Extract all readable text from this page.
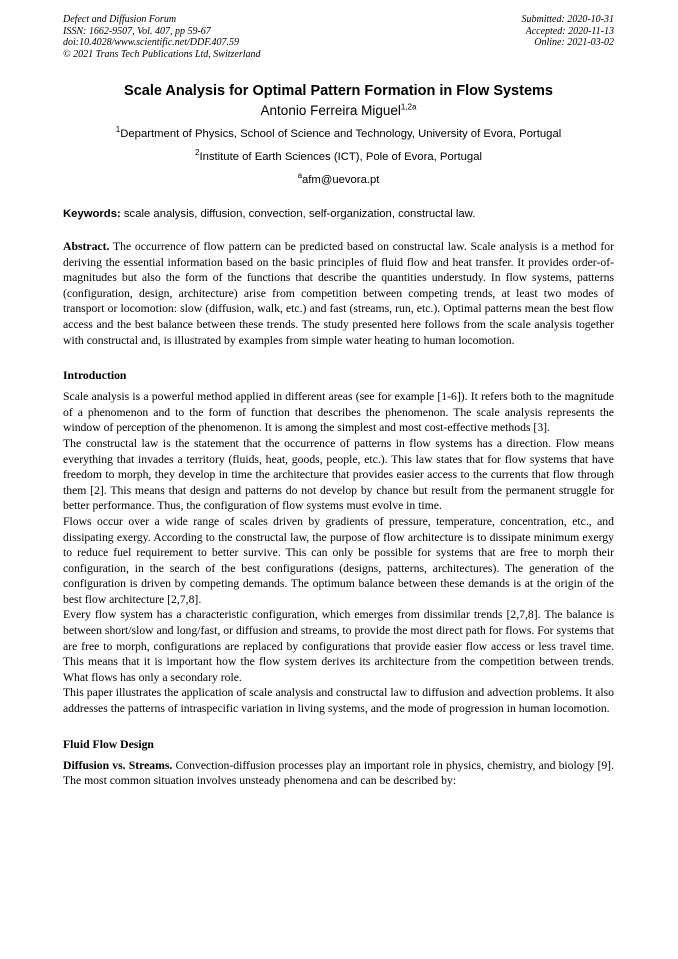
Defect and Diffusion Forum
ISSN: 1662-9507, Vol. 407, pp 59-67
doi:10.4028/www.scientific.net/DDF.407.59
© 2021 Trans Tech Publications Ltd, Switzerland
Submitted: 2020-10-31
Accepted: 2020-11-13
Online: 2021-03-02
Scale Analysis for Optimal Pattern Formation in Flow Systems
Antonio Ferreira Miguel$^{1,2a}$
$^1$Department of Physics, School of Science and Technology, University of Evora, Portugal
$^2$Institute of Earth Sciences (ICT), Pole of Evora, Portugal
$^a$afm@uevora.pt
Keywords: scale analysis, diffusion, convection, self-organization, constructal law.

Abstract. The occurrence of flow pattern can be predicted based on constructal law. Scale analysis is a method for deriving the essential information based on the basic principles of fluid flow and heat transfer. It provides order-of-magnitudes but also the form of the functions that describe the quantities understudy. In flow systems, patterns (configuration, design, architecture) arise from competition between competing trends, at least two modes of transport or locomotion: slow (diffusion, walk, etc.) and fast (streams, run, etc.). Optimal patterns mean the best flow access and the best balance between these trends. The study presented here follows from the scale analysis together with constructal and, is illustrated by examples from simple water heating to human locomotion.

Introduction

Scale analysis is a powerful method applied in different areas (see for example [1-6]). It refers both to the magnitude of a phenomenon and to the form of function that describes the phenomenon. The scale analysis represents the window of perception of the phenomenon. It is among the simplest and most cost-effective methods [3].

The constructal law is the statement that the occurrence of patterns in flow systems has a direction. Flow means everything that invades a territory (fluids, heat, goods, people, etc.). This law states that for flow systems that have freedom to morph, they develop in time the architecture that provides easier access to the currents that flow through them [2]. This means that design and patterns do not develop by chance but result from the permanent struggle for better performance. Thus, the configuration of flow systems must evolve in time.

Flows occur over a wide range of scales driven by gradients of pressure, temperature, concentration, etc., and dissipating exergy. According to the constructal law, the purpose of flow architecture is to dissipate minimum exergy to reduce fuel requirement to better survive. This can only be possible for systems that are free to morph their configuration, in the search of the best configurations (designs, patterns, architectures). The generation of the configuration is driven by competing demands. The optimum balance between these demands is at the origin of the best flow architecture [2,7,8].

Every flow system has a characteristic configuration, which emerges from dissimilar trends [2,7,8]. The balance is between short/slow and long/fast, or diffusion and streams, to provide the most direct path for flows. For systems that are free to morph, configurations are replaced by configurations that provide easier flow access or less travel time. This means that it is important how the flow system derives its architecture from the competition between trends. What flows has only a secondary role.

This paper illustrates the application of scale analysis and constructal law to diffusion and advection problems. It also addresses the patterns of intraspecific variation in living systems, and the mode of progression in human locomotion.

Fluid Flow Design

Diffusion vs. Streams. Convection-diffusion processes play an important role in physics, chemistry, and biology [9]. The most common situation involves unsteady phenomena and can be described by:
